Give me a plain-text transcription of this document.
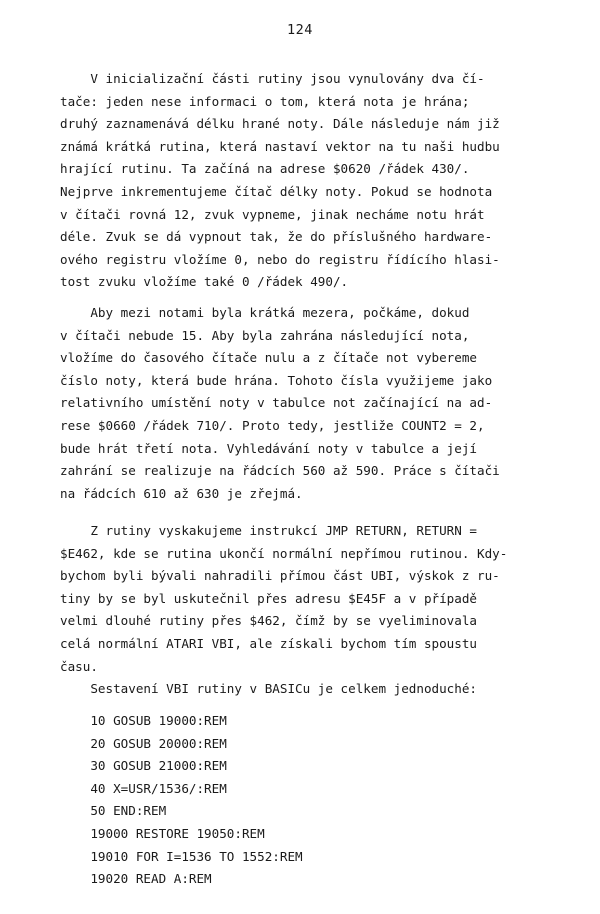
124
V inicializační části rutiny jsou vynulovány dva čí-
tače: jeden nese informaci o tom, která nota je hrána;
druhý zaznamenává délku hrané noty. Dále následuje nám již
známá krátká rutina, která nastaví vektor na tu naši hudbu
hrající rutinu. Ta začíná na adrese $0620 /řádek 430/.
Nejprve inkrementujeme čítač délky noty. Pokud se hodnota
v čítači rovná 12, zvuk vypneme, jinak necháme notu hrát
déle. Zvuk se dá vypnout tak, že do příslušného hardware-
ového registru vložíme 0, nebo do registru řídícího hlasi-
tost zvuku vložíme také 0 /řádek 490/.
Aby mezi notami byla krátká mezera, počkáme, dokud
v čítači nebude 15. Aby byla zahrána následující nota,
vložíme do časového čítače nulu a z čítače not vybereme
číslo noty, která bude hrána. Tohoto čísla využijeme jako
relativního umístění noty v tabulce not začínající na ad-
rese $0660 /řádek 710/. Proto tedy, jestliže COUNT2 = 2,
bude hrát třetí nota. Vyhledávání noty v tabulce a její
zahrání se realizuje na řádcích 560 až 590. Práce s čítači
na řádcích 610 až 630 je zřejmá.
Z rutiny vyskakujeme instrukcí JMP RETURN, RETURN =
$E462, kde se rutina ukončí normální nepřímou rutinou. Kdy-
bychom byli bývali nahradili přímou část UBI, výskok z ru-
tiny by se byl uskutečnil přes adresu $E45F a v případě
velmi dlouhé rutiny přes $462, čímž by se vyeliminovala
celá normální ATARI VBI, ale získali bychom tím spoustu
času.
Sestavení VBI rutiny v BASICu je celkem jednoduché:
10 GOSUB 19000:REM
20 GOSUB 20000:REM
30 GOSUB 21000:REM
40 X=USR/1536/:REM
50 END:REM
19000 RESTORE 19050:REM
19010 FOR I=1536 TO 1552:REM
19020 READ A:REM
